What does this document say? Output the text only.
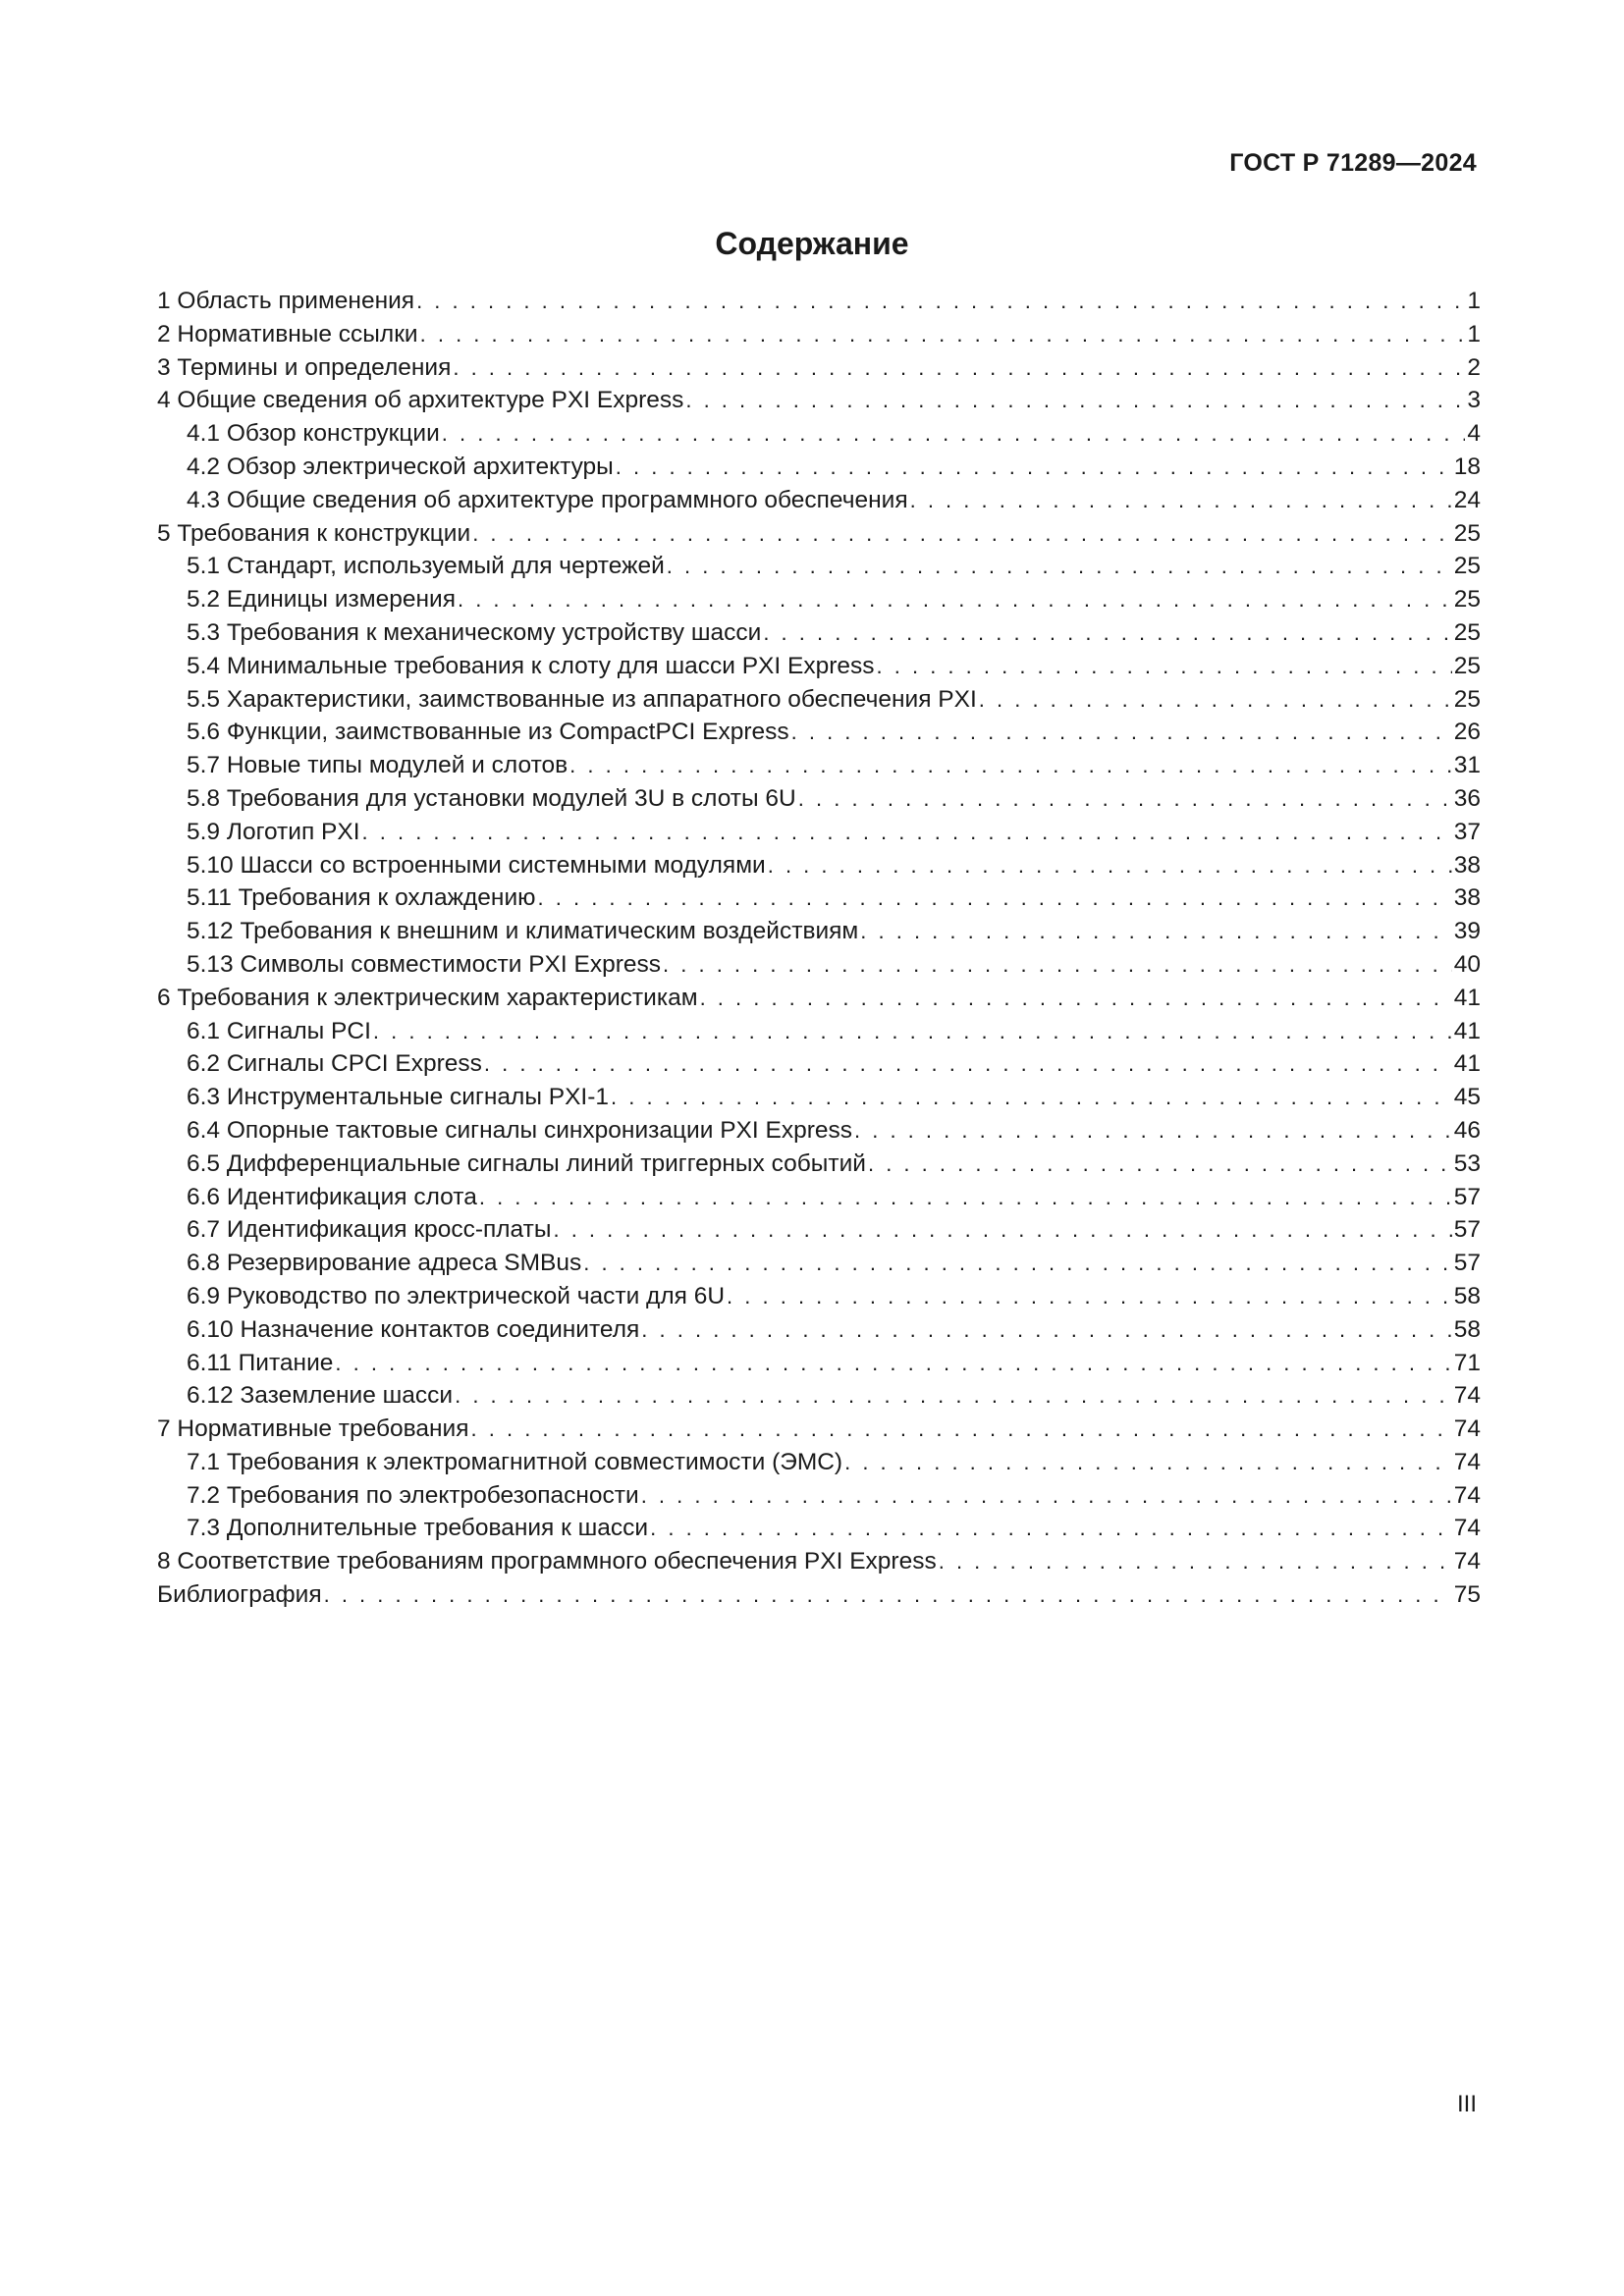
ГОСТ Р 71289—2024
Содержание
1 Область применения . . .	1
2 Нормативные ссылки . . .	1
3 Термины и определения . . .	2
4 Общие сведения об архитектуре PXI Express . . .	3
4.1 Обзор конструкции . . .	4
4.2 Обзор электрической архитектуры . . .	18
4.3 Общие сведения об архитектуре программного обеспечения . . .	24
5 Требования к конструкции . . .	25
5.1 Стандарт, используемый для чертежей . . .	25
5.2 Единицы измерения . . .	25
5.3 Требования к механическому устройству шасси . . .	25
5.4 Минимальные требования к слоту для шасси PXI Express . . .	25
5.5 Характеристики, заимствованные из аппаратного обеспечения PXI . . .	25
5.6 Функции, заимствованные из CompactPCI Express . . .	26
5.7 Новые типы модулей и слотов . . .	31
5.8 Требования для установки модулей 3U в слоты 6U . . .	36
5.9 Логотип PXI . . .	37
5.10 Шасси со встроенными системными модулями . . .	38
5.11 Требования к охлаждению . . .	38
5.12 Требования к внешним и климатическим воздействиям . . .	39
5.13 Символы совместимости PXI Express . . .	40
6 Требования к электрическим характеристикам . . .	41
6.1 Сигналы PCI . . .	41
6.2 Сигналы CPCI Express . . .	41
6.3 Инструментальные сигналы PXI-1 . . .	45
6.4 Опорные тактовые сигналы синхронизации PXI Express . . .	46
6.5 Дифференциальные сигналы линий триггерных событий . . .	53
6.6 Идентификация слота . . .	57
6.7 Идентификация кросс-платы . . .	57
6.8 Резервирование адреса SMBus . . .	57
6.9 Руководство по электрической части для 6U . . .	58
6.10 Назначение контактов соединителя . . .	58
6.11 Питание . . .	71
6.12 Заземление шасси . . .	74
7 Нормативные требования . . .	74
7.1 Требования к электромагнитной совместимости (ЭМС) . . .	74
7.2 Требования по электробезопасности . . .	74
7.3 Дополнительные требования к шасси . . .	74
8 Соответствие требованиям программного обеспечения PXI Express . . .	74
Библиография . . .	75
III
